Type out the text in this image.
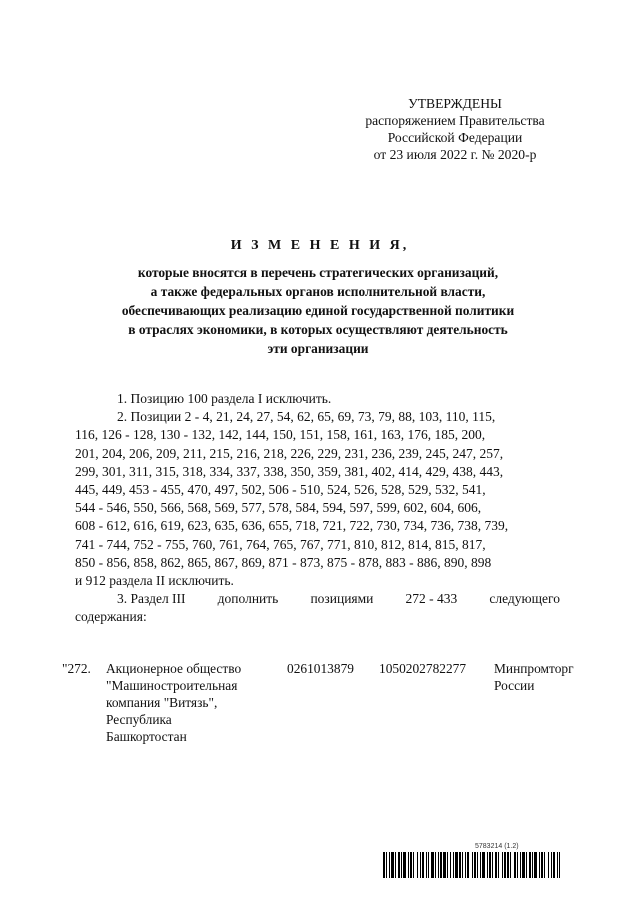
УТВЕРЖДЕНЫ
распоряжением Правительства
Российской Федерации
от 23 июля 2022 г. № 2020-р
И З М Е Н Е Н И Я,
которые вносятся в перечень стратегических организаций,
а также федеральных органов исполнительной власти,
обеспечивающих реализацию единой государственной политики
в отраслях экономики, в которых осуществляют деятельность
эти организации
1. Позицию 100 раздела I исключить.
2. Позиции 2 - 4, 21, 24, 27, 54, 62, 65, 69, 73, 79, 88, 103, 110, 115,
116, 126 - 128, 130 - 132, 142, 144, 150, 151, 158, 161, 163, 176, 185, 200,
201, 204, 206, 209, 211, 215, 216, 218, 226, 229, 231, 236, 239, 245, 247, 257,
299, 301, 311, 315, 318, 334, 337, 338, 350, 359, 381, 402, 414, 429, 438, 443,
445, 449, 453 - 455, 470, 497, 502, 506 - 510, 524, 526, 528, 529, 532, 541,
544 - 546, 550, 566, 568, 569, 577, 578, 584, 594, 597, 599, 602, 604, 606,
608 - 612, 616, 619, 623, 635, 636, 655, 718, 721, 722, 730, 734, 736, 738, 739,
741 - 744, 752 - 755, 760, 761, 764, 765, 767, 771, 810, 812, 814, 815, 817,
850 - 856, 858, 862, 865, 867, 869, 871 - 873, 875 - 878, 883 - 886, 890, 898
и 912 раздела II исключить.
3. Раздел III дополнить позициями 272 - 433 следующего
содержания:
"272. Акционерное общество
"Машиностроительная
компания "Витязь",
Республика
Башкортостан
0261013879 1050202782277 Минпромторг
России
5783214 (1.2)
